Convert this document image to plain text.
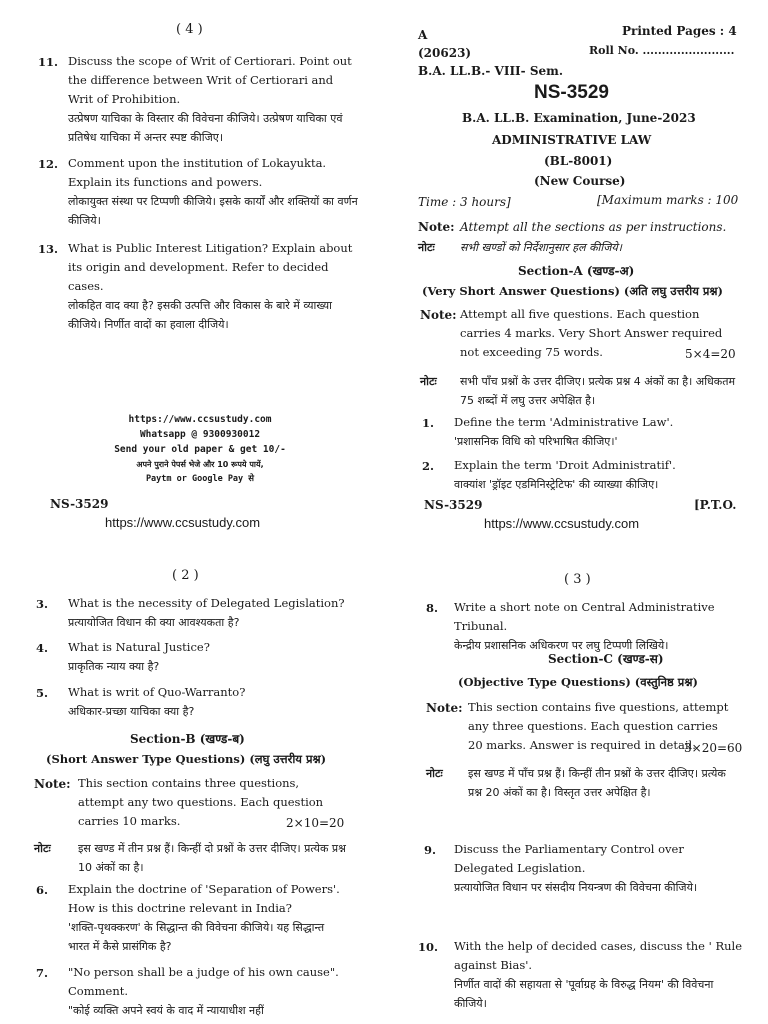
( 4 )
11. Discuss the scope of Writ of Certiorari. Point out the difference between Writ of Certiorari and Writ of Prohibition.
उत्प्रेषण याचिका के विस्तार की विवेचना कीजिये। उत्प्रेषण याचिका एवं प्रतिषेध याचिका में अन्तर स्पष्ट कीजिए।
12. Comment upon the institution of Lokayukta. Explain its functions and powers.
लोकायुक्त संस्था पर टिप्पणी कीजिये। इसके कार्यों और शक्तियों का वर्णन कीजिये।
13. What is Public Interest Litigation? Explain about its origin and development. Refer to decided cases.
लोकहित वाद क्या है? इसकी उत्पत्ति और विकास के बारे में व्याख्या कीजिये। निर्णीत वादों का हवाला दीजिये।
https://www.ccsustudy.com
Whatsapp @ 9300930012
Send your old paper & get 10/-
अपने पुराने पेपर्स भेजे और 10 रूपये पायें,
Paytm or Google Pay से
NS-3529
https://www.ccsustudy.com
A	Printed Pages : 4
(20623)	Roll No. ........................
B.A. LL.B.- VIII- Sem.
NS-3529
B.A. LL.B. Examination, June-2023
ADMINISTRATIVE LAW
(BL-8001)
(New Course)
Time : 3 hours]	[Maximum marks : 100
Note: Attempt all the sections as per instructions.
नोटः सभी खण्डों को निर्देशानुसार हल कीजिये।
Section-A (खण्ड-अ)
(Very Short Answer Questions) (अति लघु उत्तरीय प्रश्न)
Note: Attempt all five questions. Each question carries 4 marks. Very Short Answer required not exceeding 75 words.	5×4=20
नोटः सभी पाँच प्रश्नों के उत्तर दीजिए। प्रत्येक प्रश्न 4 अंकों का है। अधिकतम 75 शब्दों में लघु उत्तर अपेक्षित है।
1. Define the term 'Administrative Law'.
'प्रशासनिक विधि को परिभाषित कीजिए।'
2. Explain the term 'Droit Administratif'.
वाक्यांश 'ड्रॉइट एडमिनिस्ट्रेटिफ' की व्याख्या कीजिए।
NS-3529	[P.T.O.
https://www.ccsustudy.com
( 2 )
3. What is the necessity of Delegated Legislation?
प्रत्यायोजित विधान की क्या आवश्यकता है?
4. What is Natural Justice?
प्राकृतिक न्याय क्या है?
5. What is writ of Quo-Warranto?
अधिकार-प्रच्छा याचिका क्या है?
Section-B (खण्ड-ब)
(Short Answer Type Questions) (लघु उत्तरीय प्रश्न)
Note: This section contains three questions, attempt any two questions. Each question carries 10 marks.	2×10=20
नोटः इस खण्ड में तीन प्रश्न हैं। किन्हीं दो प्रश्नों के उत्तर दीजिए। प्रत्येक प्रश्न 10 अंकों का है।
6. Explain the doctrine of 'Separation of Powers'. How is this doctrine relevant in India?
'शक्ति-पृथक्करण' के सिद्धान्त की विवेचना कीजिये। यह सिद्धान्त भारत में कैसे प्रासंगिक है?
7. "No person shall be a judge of his own cause". Comment.
"कोई व्यक्ति अपने स्वयं के वाद में न्यायाधीश नहीं
( 3 )
8. Write a short note on Central Administrative Tribunal.
केन्द्रीय प्रशासनिक अधिकरण पर लघु टिप्पणी लिखिये।
Section-C (खण्ड-स)
(Objective Type Questions) (वस्तुनिष्ठ प्रश्न)
Note: This section contains five questions, attempt any three questions. Each question carries 20 marks. Answer is required in detail.
3×20=60
नोटः इस खण्ड में पाँच प्रश्न हैं। किन्हीं तीन प्रश्नों के उत्तर दीजिए। प्रत्येक प्रश्न 20 अंकों का है। विस्तृत उत्तर अपेक्षित है।
9. Discuss the Parliamentary Control over Delegated Legislation.
प्रत्यायोजित विधान पर संसदीय नियन्त्रण की विवेचना कीजिये।
10. With the help of decided cases, discuss the ' Rule against Bias'.
निर्णीत वादों की सहायता से 'पूर्वाग्रह के विरुद्ध नियम' की विवेचना कीजिये।
